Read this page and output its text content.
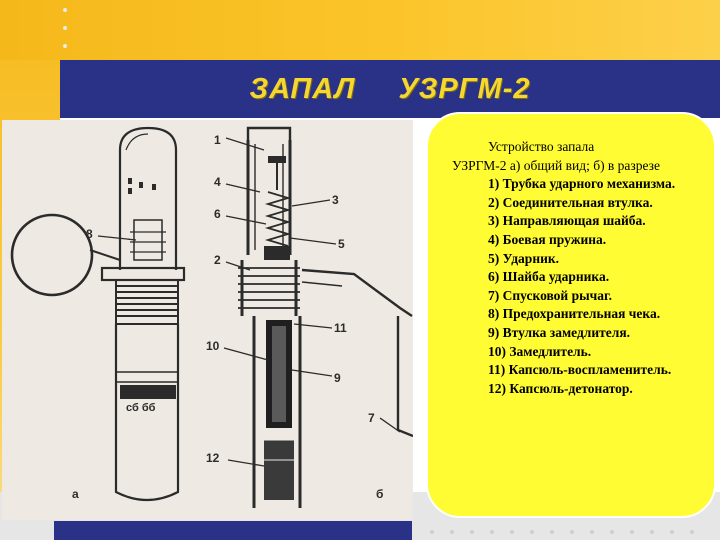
ЗАПАЛ УЗРГМ-2
сб бб
1
4
3
6
5
8
2
11
10
9
7
12
а	б
Устройство запала
УЗРГМ-2 а) общий вид; б) в разрезе
1) Трубка ударного механизма.
2) Соединительная втулка.
3) Направляющая шайба.
4) Боевая пружина.
5) Ударник.
6) Шайба ударника.
7) Спусковой рычаг.
8) Предохранительная чека.
9) Втулка замедлителя.
10) Замедлитель.
11) Капсюль-воспламенитель.
12) Капсюль-детонатор.
